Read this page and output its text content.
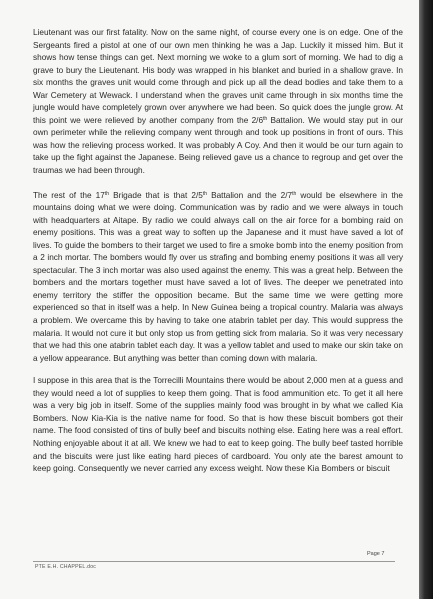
Lieutenant was our first fatality. Now on the same night, of course every one is on edge. One of the Sergeants fired a pistol at one of our own men thinking he was a Jap. Luckily it missed him. But it shows how tense things can get. Next morning we woke to a glum sort of morning. We had to dig a grave to bury the Lieutenant. His body was wrapped in his blanket and buried in a shallow grave. In six months the graves unit would come through and pick up all the dead bodies and take them to a War Cemetery at Wewack. I understand when the graves unit came through in six months time the jungle would have completely grown over anywhere we had been. So quick does the jungle grow. At this point we were relieved by another company from the 2/6th Battalion. We would stay put in our own perimeter while the relieving company went through and took up positions in front of ours. This was how the relieving process worked. It was probably A Coy. And then it would be our turn again to take up the fight against the Japanese. Being relieved gave us a chance to regroup and get over the traumas we had been through.

The rest of the 17th Brigade that is that 2/5th Battalion and the 2/7th would be elsewhere in the mountains doing what we were doing. Communication was by radio and we were always in touch with headquarters at Aitape. By radio we could always call on the air force for a bombing raid on enemy positions. This was a great way to soften up the Japanese and it must have saved a lot of lives. To guide the bombers to their target we used to fire a smoke bomb into the enemy position from a 2 inch mortar. The bombers would fly over us strafing and bombing enemy positions it was all very spectacular. The 3 inch mortar was also used against the enemy. This was a great help. Between the bombers and the mortars together must have saved a lot of lives. The deeper we penetrated into enemy territory the stiffer the opposition became. But the same time we were getting more experienced so that in itself was a help. In New Guinea being a tropical country. Malaria was always a problem. We overcame this by having to take one atabrin tablet per day. This would suppress the malaria. It would not cure it but only stop us from getting sick from malaria. So it was very necessary that we had this one atabrin tablet each day. It was a yellow tablet and used to make our skin take on a yellow appearance. But anything was better than coming down with malaria.

I suppose in this area that is the Torrecilli Mountains there would be about 2,000 men at a guess and they would need a lot of supplies to keep them going. That is food ammunition etc. To get it all here was a very big job in itself. Some of the supplies mainly food was brought in by what we called Kia Bombers. Now Kia-Kia is the native name for food. So that is how these biscuit bombers got their name. The food consisted of tins of bully beef and biscuits nothing else. Eating here was a real effort. Nothing enjoyable about it at all. We knew we had to eat to keep going. The bully beef tasted horrible and the biscuits were just like eating hard pieces of cardboard. You only ate the barest amount to keep going. Consequently we never carried any excess weight. Now these Kia Bombers or biscuit

Page 7
PTE E.H. CHAPPEL.doc
